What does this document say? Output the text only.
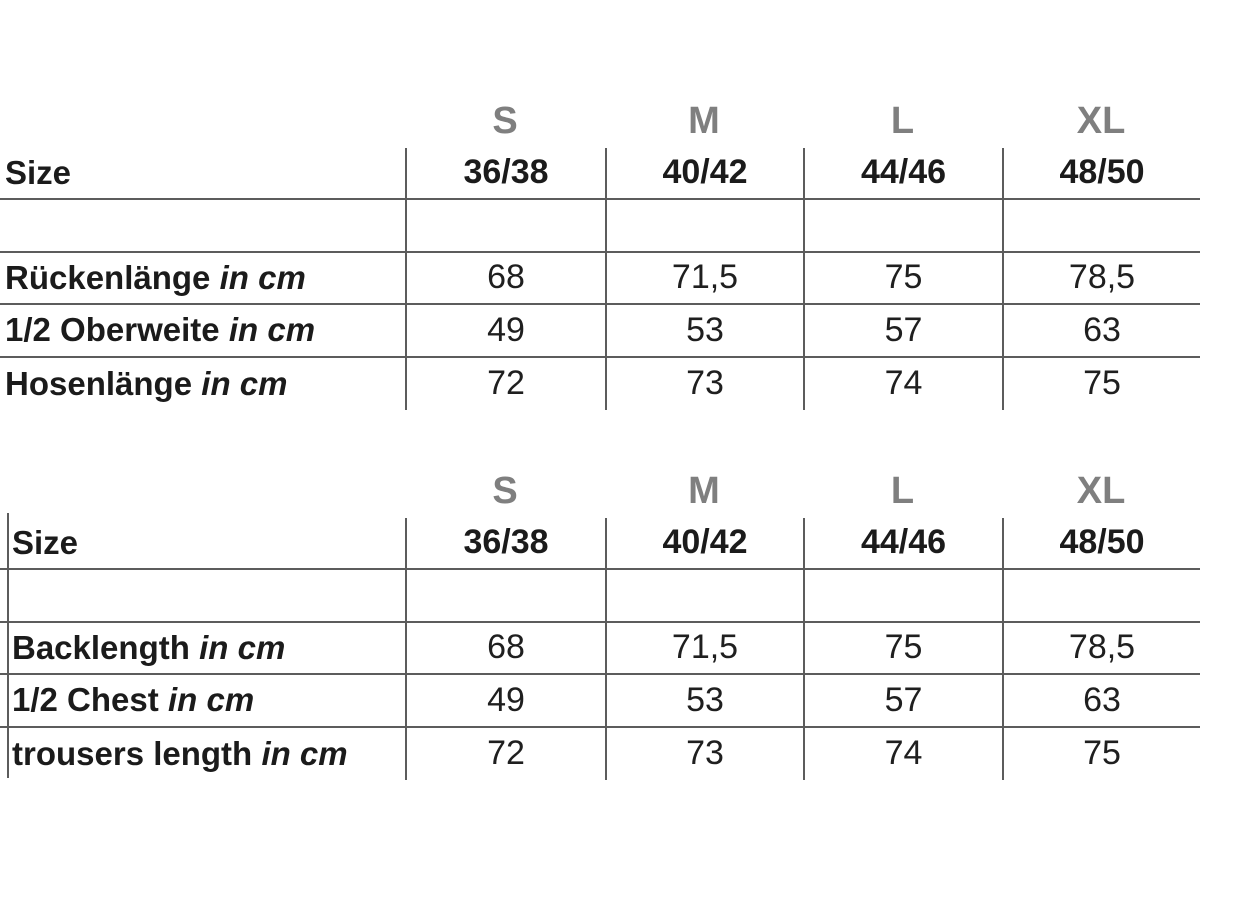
S	M	L	XL
Size	36/38	40/42	44/46	48/50
Rückenlänge in cm	68	71,5	75	78,5
1/2 Oberweite in cm	49	53	57	63
Hosenlänge in cm	72	73	74	75
S	M	L	XL
Size	36/38	40/42	44/46	48/50
Backlength in cm	68	71,5	75	78,5
1/2 Chest in cm	49	53	57	63
trousers length in cm	72	73	74	75
